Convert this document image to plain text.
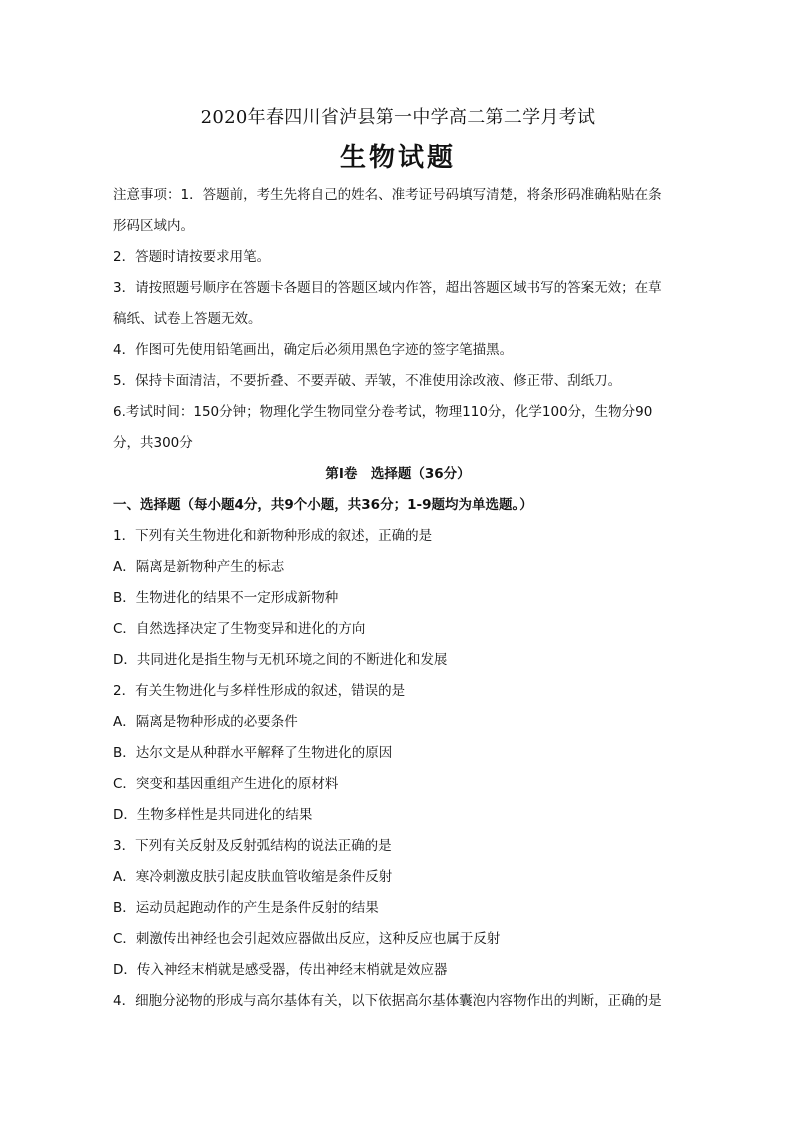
2020年春四川省泸县第一中学高二第二学月考试
生物试题
注意事项：1．答题前，考生先将自己的姓名、准考证号码填写清楚，将条形码准确粘贴在条
形码区域内。
2．答题时请按要求用笔。
3．请按照题号顺序在答题卡各题目的答题区域内作答，超出答题区域书写的答案无效；在草
稿纸、试卷上答题无效。
4．作图可先使用铅笔画出，确定后必须用黑色字迹的签字笔描黑。
5．保持卡面清洁，不要折叠、不要弄破、弄皱，不准使用涂改液、修正带、刮纸刀。
6.考试时间：150分钟；物理化学生物同堂分卷考试，物理110分，化学100分，生物分90
分，共300分
第Ⅰ卷　选择题（36分）
一、选择题（每小题4分，共9个小题，共36分；1-9题均为单选题。）
1．下列有关生物进化和新物种形成的叙述，正确的是
A．隔离是新物种产生的标志
B．生物进化的结果不一定形成新物种
C．自然选择决定了生物变异和进化的方向
D．共同进化是指生物与无机环境之间的不断进化和发展
2．有关生物进化与多样性形成的叙述，错误的是
A．隔离是物种形成的必要条件
B．达尔文是从种群水平解释了生物进化的原因
C．突变和基因重组产生进化的原材料
D．生物多样性是共同进化的结果
3．下列有关反射及反射弧结构的说法正确的是
A．寒冷刺激皮肤引起皮肤血管收缩是条件反射
B．运动员起跑动作的产生是条件反射的结果
C．刺激传出神经也会引起效应器做出反应，这种反应也属于反射
D．传入神经末梢就是感受器，传出神经末梢就是效应器
4．细胞分泌物的形成与高尔基体有关，以下依据高尔基体囊泡内容物作出的判断，正确的是
